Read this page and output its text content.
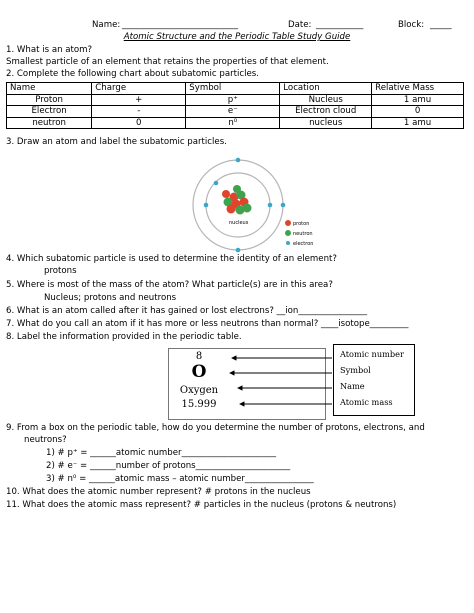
Name: ___________________________	Date: ___________	Block: _____
Atomic Structure and the Periodic Table Study Guide
1. What is an atom?
Smallest particle of an element that retains the properties of that element.
2. Complete the following chart about subatomic particles.
Name	Charge	Symbol	Location	Relative Mass
Proton	+	p⁺	Nucleus	1 amu
Electron	-	e⁻	Electron cloud	0
neutron	0	n⁰	nucleus	1 amu
3. Draw an atom and label the subatomic particles.
nucleus	proton
neutron
electron
4. Which subatomic particle is used to determine the identity of an element?
protons
5. Where is most of the mass of the atom? What particle(s) are in this area?
Nucleus; protons and neutrons
6. What is an atom called after it has gained or lost electrons? __ion________________
7. What do you call an atom if it has more or less neutrons than normal? ____isotope_________
8. Label the information provided in the periodic table.
8
O
Oxygen
15.999
Atomic number
Symbol
Name
Atomic mass
9. From a box on the periodic table, how do you determine the number of protons, electrons, and
neutrons?
1) # p⁺ = ______atomic number______________________
2) # e⁻ = ______number of protons______________________
3) # n⁰ = ______atomic mass – atomic number________________
10. What does the atomic number represent? # protons in the nucleus
11. What does the atomic mass represent? # particles in the nucleus (protons & neutrons)
